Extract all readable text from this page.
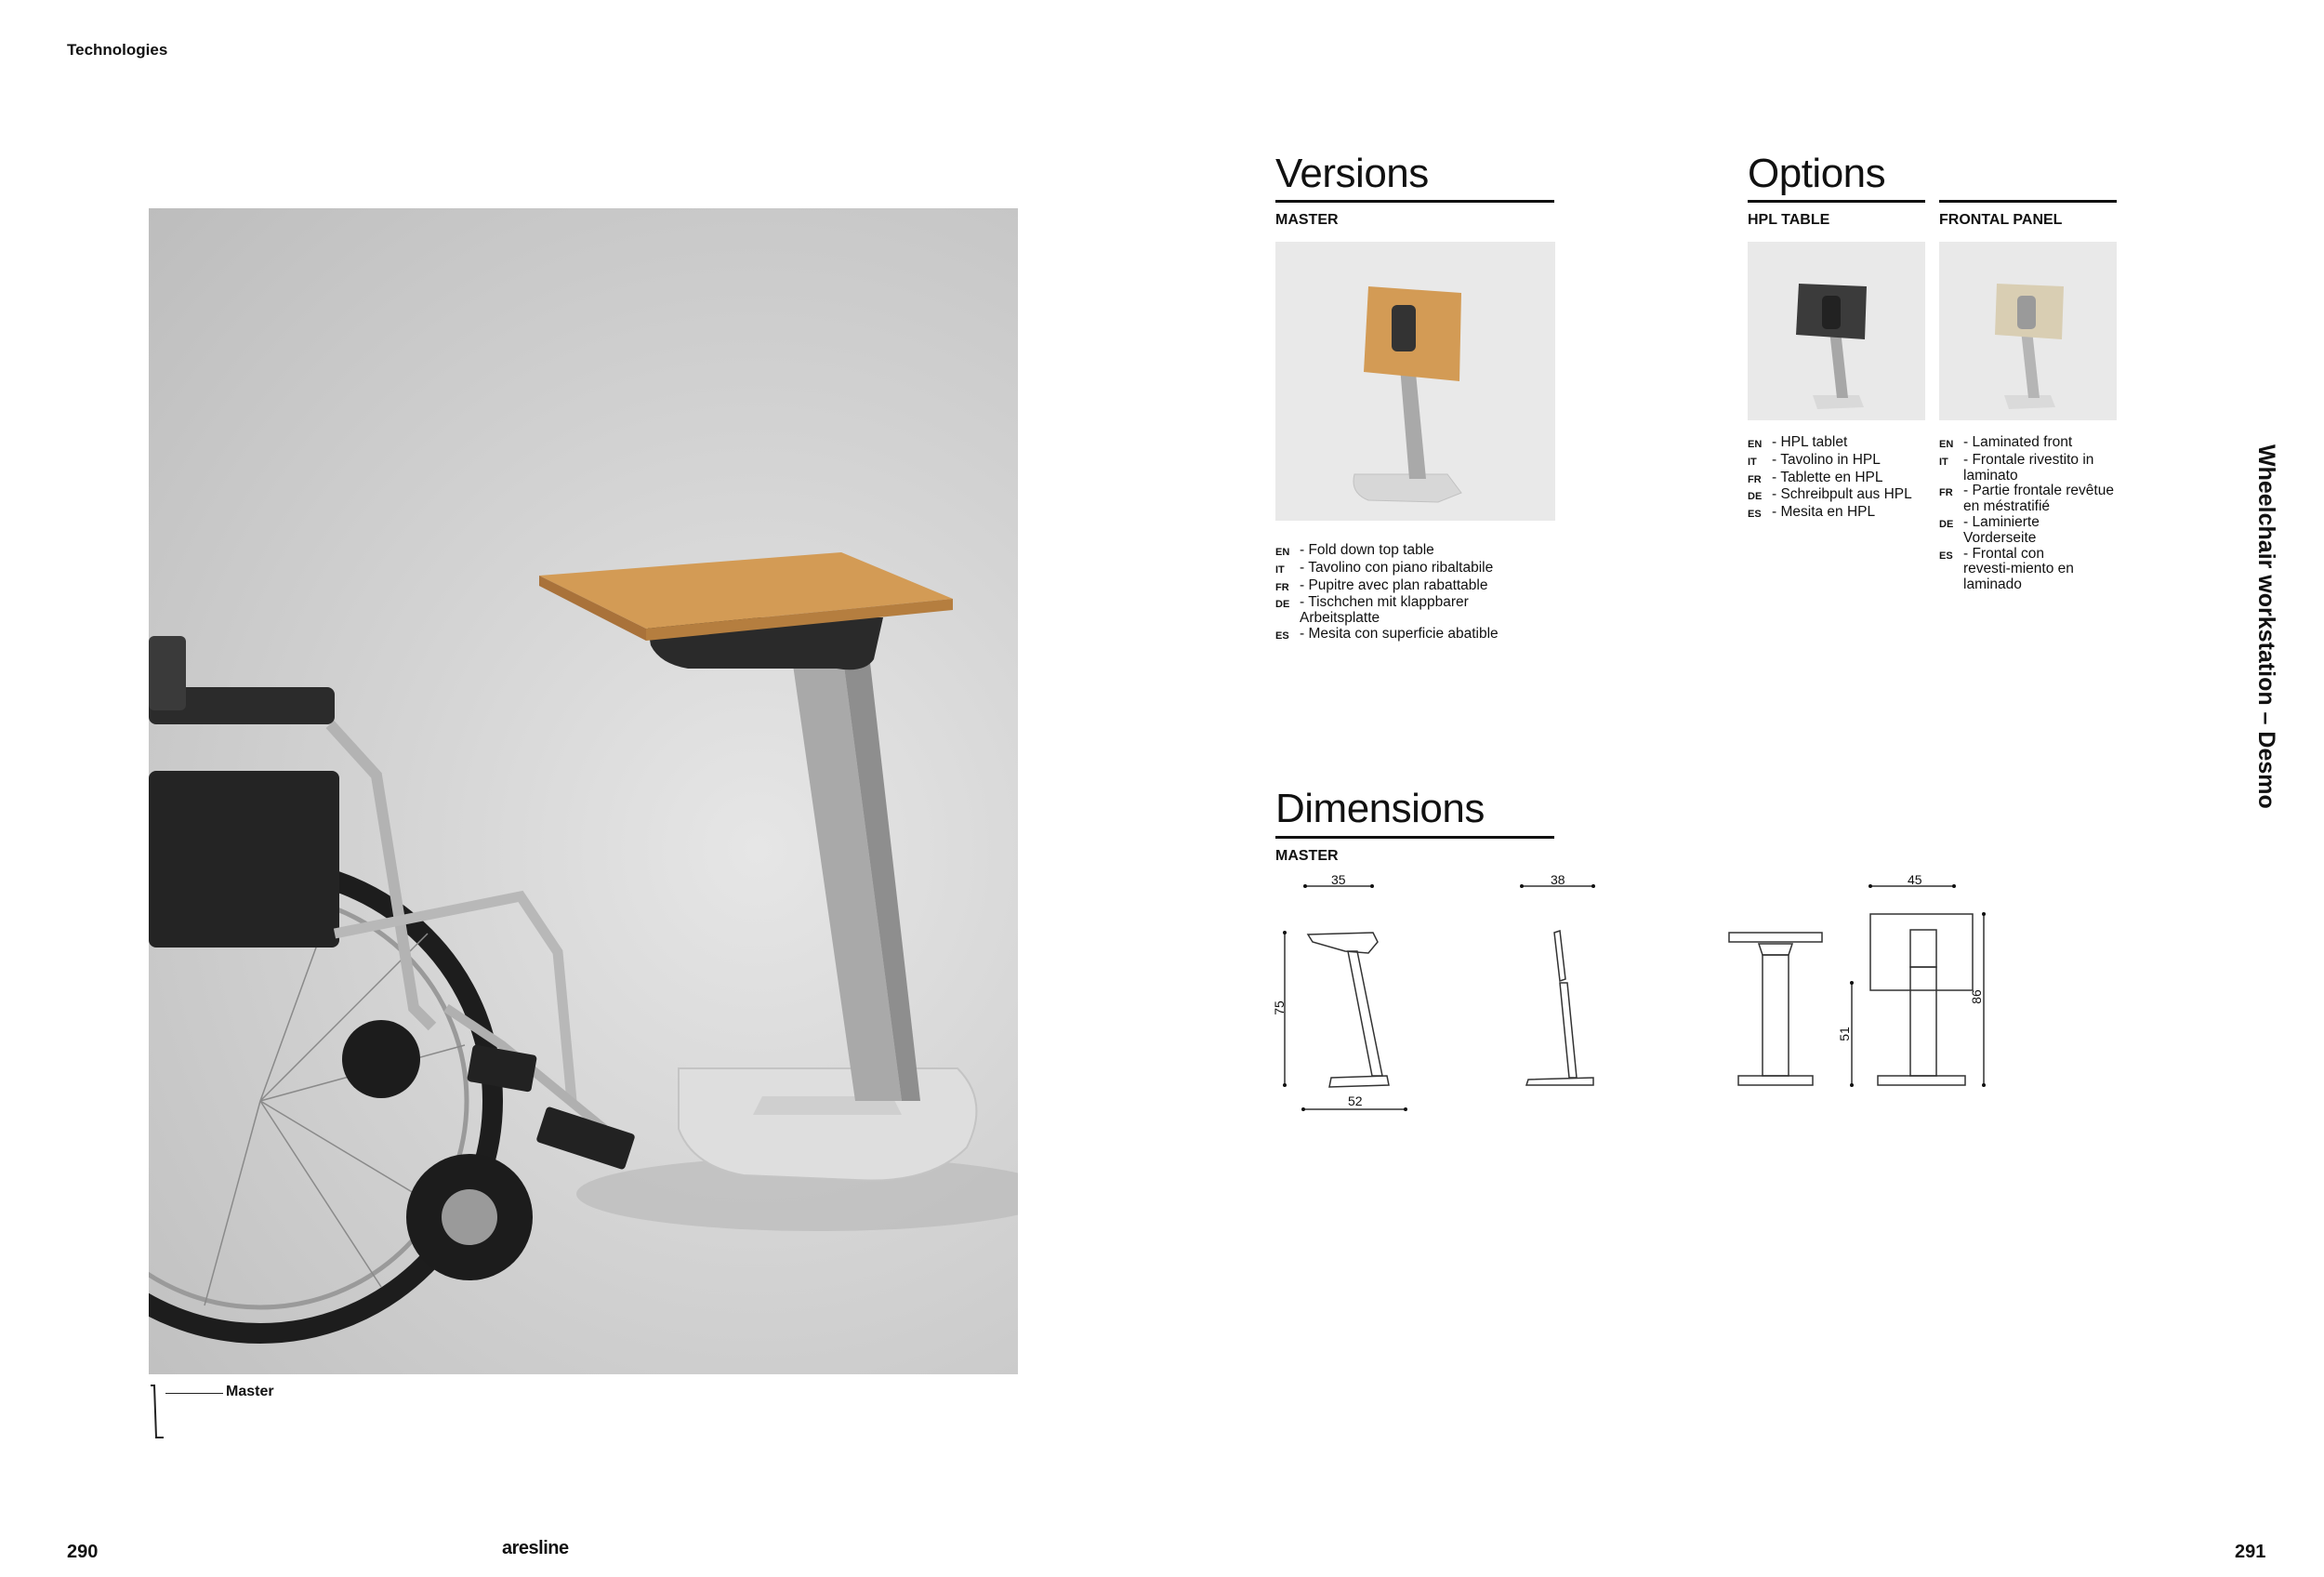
Technologies
290	aresline	291
Wheelchair workstation – Desmo
Master
Versions
MASTER
EN - Fold down top table
IT	- Tavolino con piano ribaltabile
FR - Pupitre avec plan rabattable
DE - Tischchen mit klappbarer Arbeitsplatte
ES - Mesita con superficie abatible
Options
HPL TABLE
EN - HPL tablet
IT	- Tavolino in HPL
FR - Tablette en HPL
DE - Schreibpult aus HPL
ES - Mesita en HPL
FRONTAL PANEL
EN - Laminated front
IT	- Frontale rivestito in laminato
FR - Partie frontale revêtue en méstratifié
DE - Laminierte Vorderseite
ES - Frontal con revesti-miento en laminado
Dimensions
MASTER
35	38	45
75
52
51
86
